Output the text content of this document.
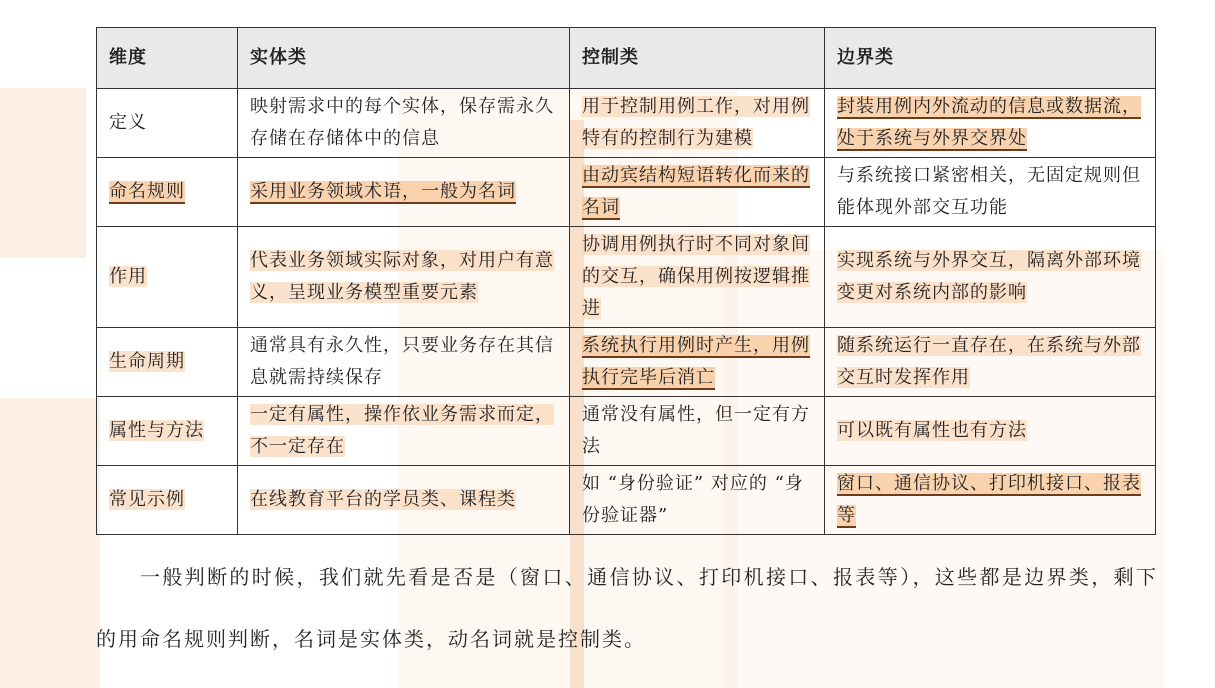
维度	实体类	控制类	边界类
定义	映射需求中的每个实体，保存需永久存储在存储体中的信息	用于控制用例工作，对用例特有的控制行为建模	封装用例内外流动的信息或数据流，处于系统与外界交界处
命名规则	采用业务领域术语，一般为名词	由动宾结构短语转化而来的名词	与系统接口紧密相关，无固定规则但能体现外部交互功能
作用	代表业务领域实际对象，对用户有意义，呈现业务模型重要元素	协调用例执行时不同对象间的交互，确保用例按逻辑推进	实现系统与外界交互，隔离外部环境变更对系统内部的影响
生命周期	通常具有永久性，只要业务存在其信息就需持续保存	系统执行用例时产生，用例执行完毕后消亡	随系统运行一直存在，在系统与外部交互时发挥作用
属性与方法	一定有属性，操作依业务需求而定，不一定存在	通常没有属性，但一定有方法	可以既有属性也有方法
常见示例	在线教育平台的学员类、课程类	如 “身份验证” 对应的 “身份验证器”	窗口、通信协议、打印机接口、报表等

一般判断的时候，我们就先看是否是（窗口、通信协议、打印机接口、报表等），这些都是边界类，剩下的用命名规则判断，名词是实体类，动名词就是控制类。
